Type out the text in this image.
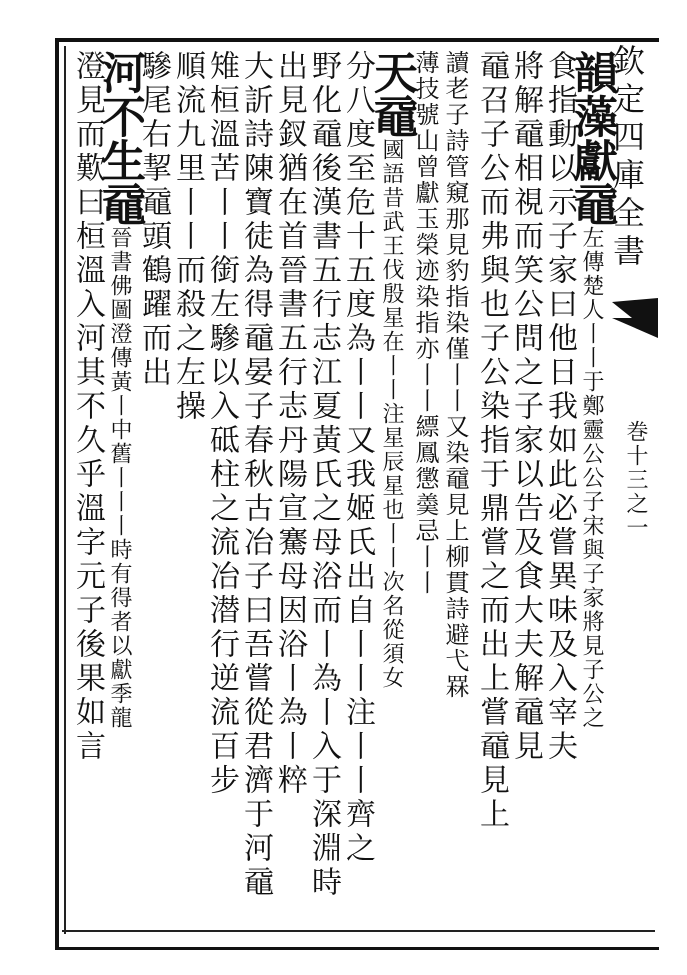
欽定四庫全書
巻十三之一
韻藻獻黿左傳楚人丨丨于鄭靈公公子宋與子家將見子公之
食指動以示子家曰他日我如此必嘗異味及入宰夫
將解黿相視而笑公問之子家以告及食大夫解黿見
黿召子公而弗與也子公染指于鼎嘗之而出上嘗黿見上
讀老子詩管窺那見豹指染僅丨丨又染黿見上柳貫詩避弋罧
薄技號山曾獻玉榮迹染指亦丨丨縹鳳懲羮忌丨丨
天黿國語昔武王伐殷星在丨丨注星辰星也丨丨次名從須女
分八度至危十五度為丨丨又我姬氏出自丨丨注丨丨齊之
野化黿後漢書五行志江夏黃氏之母浴而丨為丨入于深淵時
出見釵猶在首晉書五行志丹陽宣騫母因浴丨為丨粹
大訢詩陳寶徒為得黿晏子春秋古冶子曰吾嘗從君濟于河黿
雉桓溫苦丨丨銜左驂以入砥柱之流冶潜行逆流百步
順流九里丨丨而殺之左操
驂尾右挈黿頭鶴躍而出
河不生黿晉書佛圖澄傳黃丨中舊丨丨丨時有得者以獻季龍
澄見而歎曰桓溫入河其不久乎溫字元子後果如言
